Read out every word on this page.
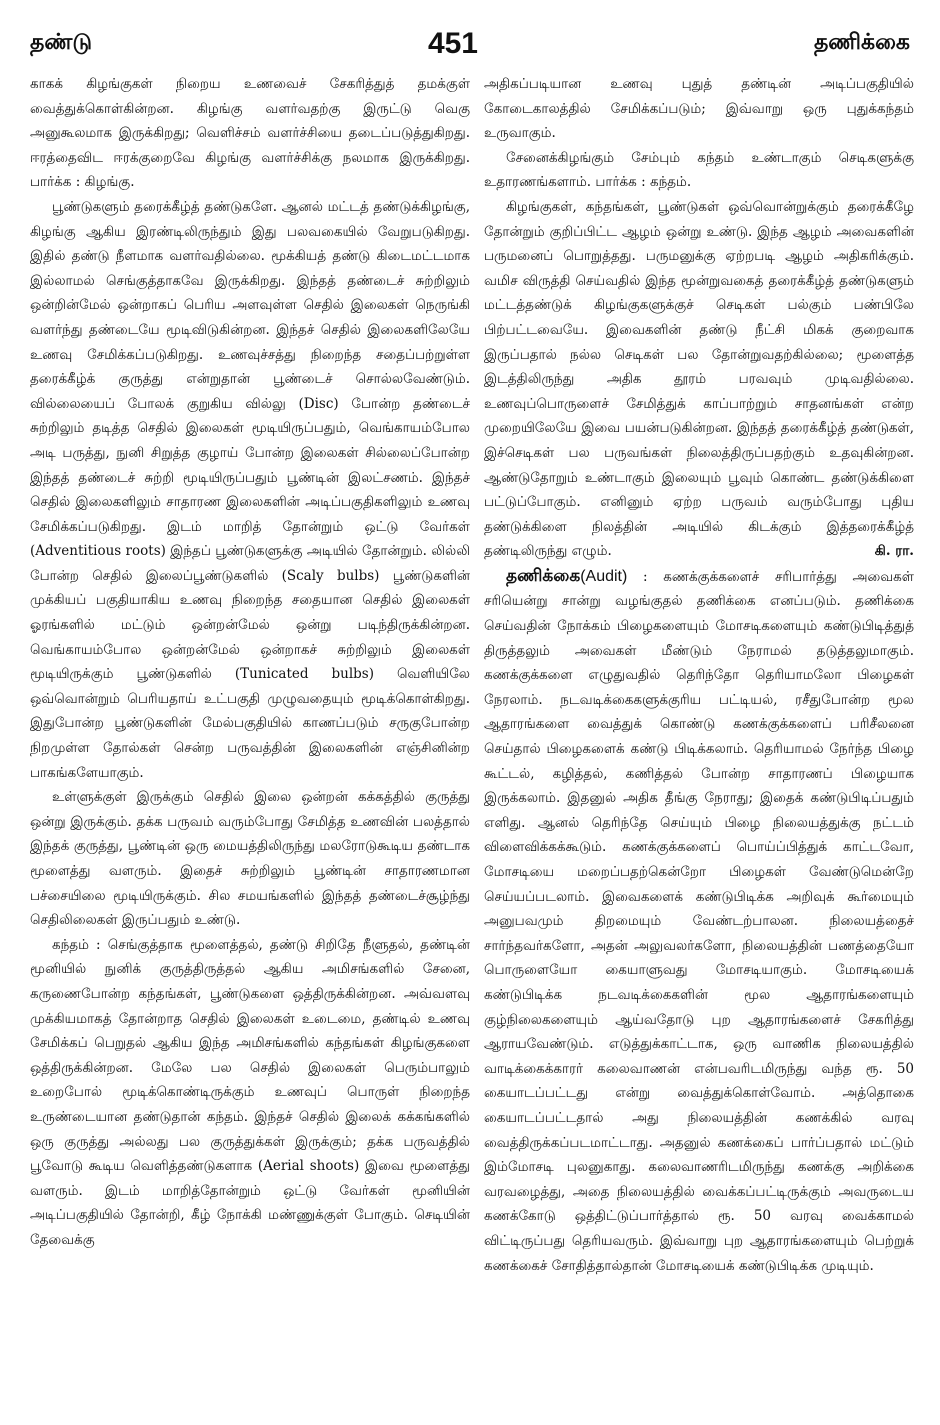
தண்டு	451	தணிக்கை

காகக் கிழங்குகள் நிறைய உணவைச் சேகரித்துத் தமக்குள் வைத்துக்கொள்கின்றன. கிழங்கு வளர்வதற்கு இருட்டு வெகு அனுகூலமாக இருக்கிறது; வெளிச்சம் வளர்ச்சியை தடைப்படுத்துகிறது. ஈரத்தைவிட ஈரக்குறைவே கிழங்கு வளர்ச்சிக்கு நலமாக இருக்கிறது. பார்க்க : கிழங்கு.

பூண்டுகளும் தரைக்கீழ்த் தண்டுகளே. ஆனல் மட்டத் தண்டுக்கிழங்கு, கிழங்கு ஆகிய இரண்டிலிருந்தும் இது பலவகையில் வேறுபடுகிறது. இதில் தண்டு நீளமாக வளர்வதில்லை. மூக்கியத் தண்டு கிடைமட்டமாக இல்லாமல் செங்குத்தாகவே இருக்கிறது. இந்தத் தண்டைச் சுற்றிலும் ஒன்றின்மேல் ஒன்றாகப் பெரிய அளவுள்ள செதில் இலைகள் நெருங்கி வளர்ந்து தண்டையே மூடிவிடுகின்றன. இந்தச் செதில் இலைகளிலேயே உணவு சேமிக்கப்படுகிறது. உணவுச்சத்து நிறைந்த சதைப்பற்றுள்ள தரைக்கீழ்க் குருத்து என்றுதான் பூண்டைச் சொல்லவேண்டும். வில்லையைப் போலக் குறுகிய வில்லு (Disc) போன்ற தண்டைச் சுற்றிலும் தடித்த செதில் இலைகள் மூடியிருப்பதும், வெங்காயம்போல அடி பருத்து, நுனி சிறுத்த குழாய் போன்ற இலைகள் சில்லைப்போன்ற இந்தத் தண்டைச் சுற்றி மூடியிருப்பதும் பூண்டின் இலட்சணம். இந்தச் செதில் இலைகளிலும் சாதாரண இலைகளின் அடிப்பகுதிகளிலும் உணவு சேமிக்கப்படுகிறது. இடம் மாறித் தோன்றும் ஒட்டு வேர்கள் (Adventitious roots) இந்தப் பூண்டுகளுக்கு அடியில் தோன்றும். லில்லி போன்ற செதில் இலைப்பூண்டுகளில் (Scaly bulbs) பூண்டுகளின் முக்கியப் பகுதியாகிய உணவு நிறைந்த சதையான செதில் இலைகள் ஓரங்களில் மட்டும் ஒன்றன்மேல் ஒன்று படிந்திருக்கின்றன. வெங்காயம்போல ஒன்றன்மேல் ஒன்றாகச் சுற்றிலும் இலைகள் மூடியிருக்கும் பூண்டுகளில் (Tunicated bulbs) வெளியிலே ஒவ்வொன்றும் பெரியதாய் உட்பகுதி முழுவதையும் மூடிக்கொள்கிறது. இதுபோன்ற பூண்டுகளின் மேல்பகுதியில் காணப்படும் சருகுபோன்ற நிறமுள்ள தோல்கள் சென்ற பருவத்தின் இலைகளின் எஞ்சினின்ற பாகங்களேயாகும்.

உள்ளுக்குள் இருக்கும் செதில் இலை ஒன்றன் கக்கத்தில் குருத்து ஒன்று இருக்கும். தக்க பருவம் வரும்போது சேமித்த உணவின் பலத்தால் இந்தக் குருத்து, பூண்டின் ஒரு மையத்திலிருந்து மலரோடுகூடிய தண்டாக மூளைத்து வளரும். இதைச் சுற்றிலும் பூண்டின் சாதாரணமான பச்சையிலை மூடியிருக்கும். சில சமயங்களில் இந்தத் தண்டைச்சூழ்ந்து செதிலிலைகள் இருப்பதும் உண்டு.

கந்தம் : செங்குத்தாக மூளைத்தல், தண்டு சிறிதே நீளுதல், தண்டின் மூனியில் நுனிக் குருத்திருத்தல் ஆகிய அமிசங்களில் சேனை, கருணைபோன்ற கந்தங்கள், பூண்டுகளை ஒத்திருக்கின்றன. அவ்வளவு முக்கியமாகத் தோன்றாத செதில் இலைகள் உடைமை, தண்டில் உணவு சேமிக்கப் பெறுதல் ஆகிய இந்த அமிசங்களில் கந்தங்கள் கிழங்குகளை ஒத்திருக்கின்றன. மேலே பல செதில் இலைகள் பெரும்பாலும் உறைபோல் மூடிக்கொண்டிருக்கும் உணவுப் பொருள் நிறைந்த உருண்டையான தண்டுதான் கந்தம். இந்தச் செதில் இலைக் கக்கங்களில் ஒரு குருத்து அல்லது பல குருத்துக்கள் இருக்கும்; தக்க பருவத்தில் பூவோடு கூடிய வெளித்தண்டுகளாக (Aerial shoots) இவை மூளைத்து வளரும். இடம் மாறித்தோன்றும் ஒட்டு வேர்கள் மூனியின் அடிப்பகுதியில் தோன்றி, கீழ் நோக்கி மண்ணுக்குள் போகும். செடியின் தேவைக்கு

அதிகப்படியான உணவு புதுத் தண்டின் அடிப்பகுதியில் கோடைகாலத்தில் சேமிக்கப்படும்; இவ்வாறு ஒரு புதுக்கந்தம் உருவாகும்.

சேனைக்கிழங்கும் சேம்பும் கந்தம் உண்டாகும் செடிகளுக்கு உதாரணங்களாம். பார்க்க : கந்தம்.

கிழங்குகள், கந்தங்கள், பூண்டுகள் ஒவ்வொன்றுக்கும் தரைக்கீழே தோன்றும் குறிப்பிட்ட ஆழம் ஒன்று உண்டு. இந்த ஆழம் அவைகளின் பருமனைப் பொறுத்தது. பருமனுக்கு ஏற்றபடி ஆழம் அதிகரிக்கும். வமிச விருத்தி செய்வதில் இந்த மூன்றுவகைத் தரைக்கீழ்த் தண்டுகளும் மட்டத்தண்டுக் கிழங்குகளுக்குச் செடிகள் பல்கும் பண்பிலே பிற்பட்டவையே. இவைகளின் தண்டு நீட்சி மிகக் குறைவாக இருப்பதால் நல்ல செடிகள் பல தோன்றுவதற்கில்லை; மூளைத்த இடத்திலிருந்து அதிக தூரம் பரவவும் முடிவதில்லை. உணவுப்பொருளைச் சேமித்துக் காப்பாற்றும் சாதனங்கள் என்ற முறையிலேயே இவை பயன்படுகின்றன. இந்தத் தரைக்கீழ்த் தண்டுகள், இச்செடிகள் பல பருவங்கள் நிலைத்திருப்பதற்கும் உதவுகின்றன. ஆண்டுதோறும் உண்டாகும் இலையும் பூவும் கொண்ட தண்டுக்கிளை பட்டுப்போகும். எனினும் ஏற்ற பருவம் வரும்போது புதிய தண்டுக்கிளை நிலத்தின் அடியில் கிடக்கும் இத்தரைக்கீழ்த் தண்டிலிருந்து எழும்.	கி. ரா.

தணிக்கை(Audit) : கணக்குக்களைச் சரிபார்த்து அவைகள் சரியென்று சான்று வழங்குதல் தணிக்கை எனப்படும். தணிக்கை செய்வதின் நோக்கம் பிழைகளையும் மோசடிகளையும் கண்டுபிடித்துத் திருத்தலும் அவைகள் மீண்டும் நேராமல் தடுத்தலுமாகும். கணக்குக்களை எழுதுவதில் தெரிந்தோ தெரியாமலோ பிழைகள் நேரலாம். நடவடிக்கைகளுக்குரிய பட்டியல், ரசீதுபோன்ற மூல ஆதாரங்களை வைத்துக் கொண்டு கணக்குக்களைப் பரிசீலனை செய்தால் பிழைகளைக் கண்டு பிடிக்கலாம். தெரியாமல் நேர்ந்த பிழை கூட்டல், கழித்தல், கணித்தல் போன்ற சாதாரணப் பிழையாக இருக்கலாம். இதனுல் அதிக தீங்கு நேராது; இதைக் கண்டுபிடிப்பதும் எளிது. ஆனல் தெரிந்தே செய்யும் பிழை நிலையத்துக்கு நட்டம் விளைவிக்கக்கூடும். கணக்குக்களைப் பொய்ப்பித்துக் காட்டவோ, மோசடியை மறைப்பதற்கென்றோ பிழைகள் வேண்டுமென்றே செய்யப்படலாம். இவைகளைக் கண்டுபிடிக்க அறிவுக் கூர்மையும் அனுபவமும் திறமையும் வேண்டற்பாலன. நிலையத்தைச் சார்ந்தவர்களோ, அதன் அலுவலர்களோ, நிலையத்தின் பணத்தையோ பொருளையோ கையாளுவது மோசடியாகும். மோசடியைக் கண்டுபிடிக்க நடவடிக்கைகளின் மூல ஆதாரங்களையும் குழ்நிலைகளையும் ஆய்வதோடு புற ஆதாரங்களைச் சேகரித்து ஆராயவேண்டும். எடுத்துக்காட்டாக, ஒரு வாணிக நிலையத்தில் வாடிக்கைக்காரர் கலைவாணன் என்பவரிடமிருந்து வந்த ரூ. 50 கையாடப்பட்டது என்று வைத்துக்கொள்வோம். அத்தொகை கையாடப்பட்டதால் அது நிலையத்தின் கணக்கில் வரவு வைத்திருக்கப்படமாட்டாது. அதனுல் கணக்கைப் பார்ப்பதால் மட்டும் இம்மோசடி புலனுகாது. கலைவாணரிடமிருந்து கணக்கு அறிக்கை வரவழைத்து, அதை நிலையத்தில் வைக்கப்பட்டிருக்கும் அவருடைய கணக்கோடு ஒத்திட்டுப்பார்த்தால் ரூ. 50 வரவு வைக்காமல் விட்டிருப்பது தெரியவரும். இவ்வாறு புற ஆதாரங்களையும் பெற்றுக் கணக்கைச் சோதித்தால்தான் மோசடியைக் கண்டுபிடிக்க முடியும்.
